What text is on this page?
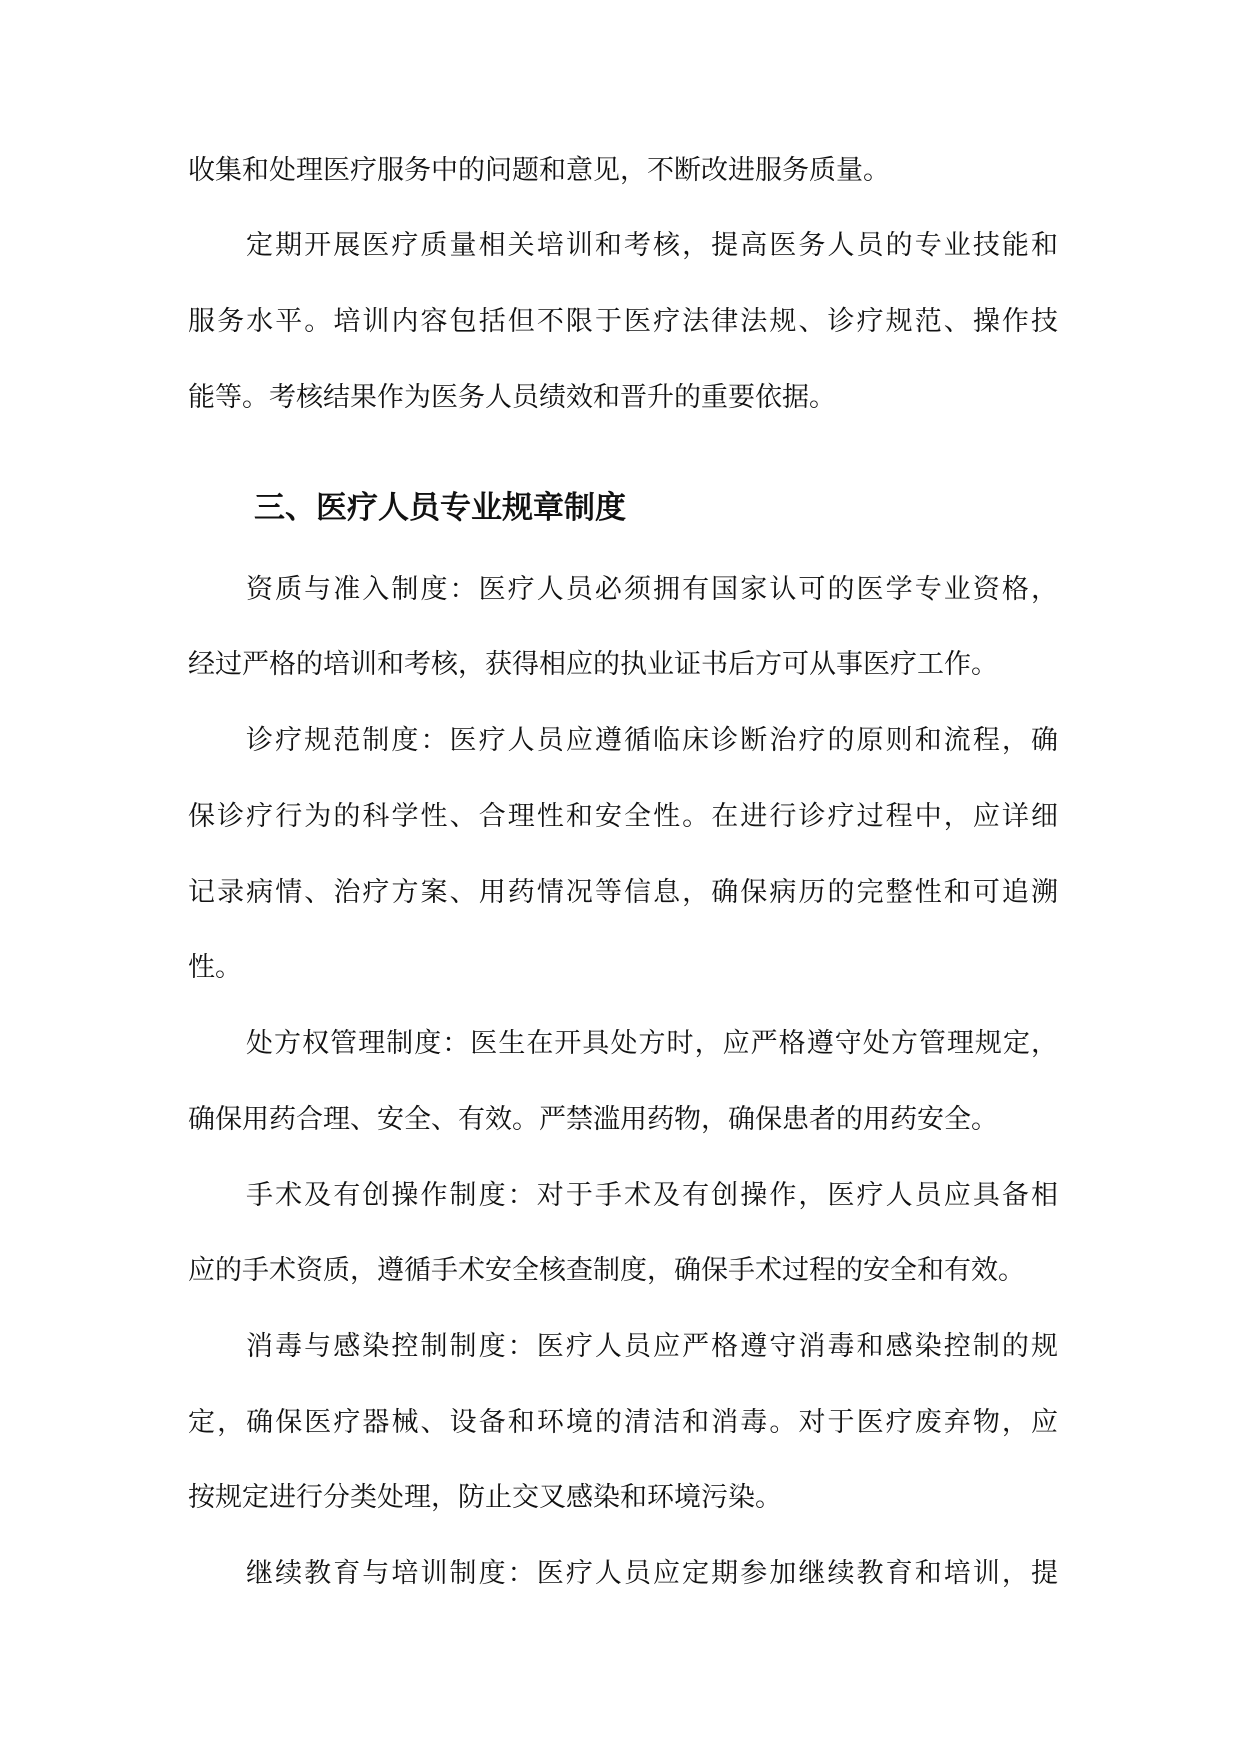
收集和处理医疗服务中的问题和意见，不断改进服务质量。
定期开展医疗质量相关培训和考核，提高医务人员的专业技能和
服务水平。培训内容包括但不限于医疗法律法规、诊疗规范、操作技
能等。考核结果作为医务人员绩效和晋升的重要依据。
三、医疗人员专业规章制度
资质与准入制度：医疗人员必须拥有国家认可的医学专业资格，
经过严格的培训和考核，获得相应的执业证书后方可从事医疗工作。
诊疗规范制度：医疗人员应遵循临床诊断治疗的原则和流程，确
保诊疗行为的科学性、合理性和安全性。在进行诊疗过程中，应详细
记录病情、治疗方案、用药情况等信息，确保病历的完整性和可追溯
性。
处方权管理制度：医生在开具处方时，应严格遵守处方管理规定，
确保用药合理、安全、有效。严禁滥用药物，确保患者的用药安全。
手术及有创操作制度：对于手术及有创操作，医疗人员应具备相
应的手术资质，遵循手术安全核查制度，确保手术过程的安全和有效。
消毒与感染控制制度：医疗人员应严格遵守消毒和感染控制的规
定，确保医疗器械、设备和环境的清洁和消毒。对于医疗废弃物，应
按规定进行分类处理，防止交叉感染和环境污染。
继续教育与培训制度：医疗人员应定期参加继续教育和培训，提
